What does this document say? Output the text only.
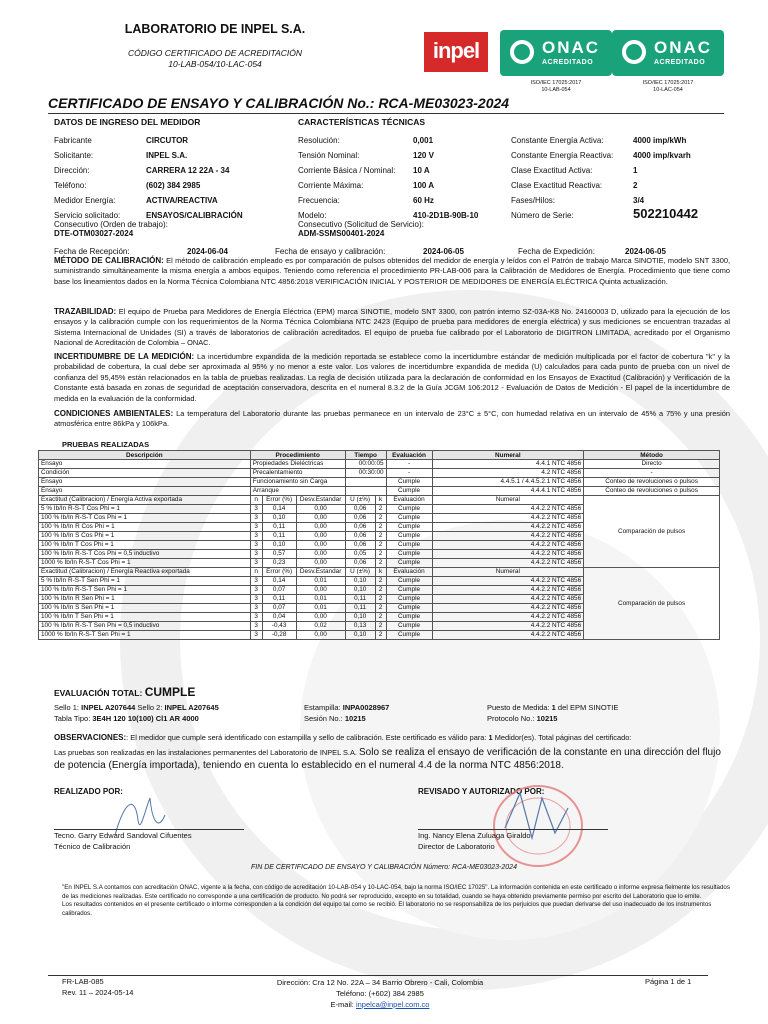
LABORATORIO DE INPEL S.A.
CÓDIGO CERTIFICADO DE ACREDITACIÓN
10-LAB-054/10-LAC-054
inpel	ONAC
ACREDITADO
ISO/IEC 17025:2017
10-LAB-054
ONAC
ACREDITADO
ISO/IEC 17025:2017
10-LAC-054
CERTIFICADO DE ENSAYO Y CALIBRACIÓN No.: RCA-ME03023-2024
DATOS DE INGRESO DEL MEDIDOR
Fabricante	CIRCUTOR
Solicitante:	INPEL S.A.
Dirección:	CARRERA 12 22A - 34
Teléfono:	(602) 384 2985
Medidor Energía:	ACTIVA/REACTIVA
Servicio solicitado:	ENSAYOS/CALIBRACIÓN
Consecutivo (Orden de trabajo):
DTE-OTM03027-2024
CARACTERÍSTICAS TÉCNICAS
Resolución:	0,001
Tensión Nominal:	120 V
Corriente Básica / Nominal: 10 A
Corriente Máxima:	100 A
Frecuencia:	60 Hz
Modelo:	410-2D1B-90B-10
Consecutivo (Solicitud de Servicio):
ADM-SSMS00401-2024
Constante Energía Activa:	4000 imp/kWh
Constante Energía Reactiva: 4000 imp/kvarh
Clase Exactitud Activa:	1
Clase Exactitud Reactiva:	2
Fases/Hilos:	3/4
Número de Serie:	502210442
Fecha de Recepción:	2024-06-04	Fecha de ensayo y calibración:	2024-06-05	Fecha de Expedición:	2024-06-05
MÉTODO DE CALIBRACIÓN: El método de calibración empleado es por comparación de pulsos obtenidos del medidor de energía y leídos con el Patrón de trabajo Marca SINOTIE, modelo SNT 3300, suministrando simultáneamente la misma energía a ambos equipos. Teniendo como referencia el procedimiento PR-LAB-006 para la Calibración de Medidores de Energía. Procedimiento que tiene como base los lineamientos dados en la Norma Técnica Colombiana NTC 4856:2018 VERIFICACIÓN INICIAL Y POSTERIOR DE MEDIDORES DE ENERGÍA ELÉCTRICA Quinta actualización.
TRAZABILIDAD: El equipo de Prueba para Medidores de Energía Eléctrica (EPM) marca SINOTIE, modelo SNT 3300, con patrón interno SZ-03A-K8 No. 24160003 D, utilizado para la ejecución de los ensayos y la calibración cumple con los requerimientos de la Norma Técnica Colombiana NTC 2423 (Equipo de prueba para medidores de energía eléctrica) y sus mediciones se encuentran trazadas al Sistema Internacional de Unidades (SI) a través de laboratorios de calibración acreditados. El equipo de prueba fue calibrado por el Laboratorio de DIGITRON LIMITADA, acreditado por el Organismo Nacional de Acreditación de Colombia – ONAC.
INCERTIDUMBRE DE LA MEDICIÓN: La incertidumbre expandida de la medición reportada se establece como la incertidumbre estándar de medición multiplicada por el factor de cobertura "k" y la probabilidad de cobertura, la cual debe ser aproximada al 95% y no menor a este valor. Los valores de incertidumbre expandida de medida (U) calculados para cada punto de prueba con un nivel de confianza del 95,45% están relacionados en la tabla de pruebas realizadas. La regla de decisión utilizada para la declaración de conformidad en los Ensayos de Exactitud (Calibración) y Verificación de la Constante está basada en zonas de seguridad de aceptación conservadora, descrita en el numeral 8.3.2 de la Guía JCGM 106:2012 - Evaluación de Datos de Medición - El papel de la incertidumbre de medida en la evaluación de la conformidad.
CONDICIONES AMBIENTALES: La temperatura del Laboratorio durante las pruebas permanece en un intervalo de 23°C ± 5°C, con humedad relativa en un intervalo de 45% a 75% y una presión atmosférica entre 86kPa y 106kPa.
PRUEBAS REALIZADAS
Descripción	Procedimiento			Tiempo		Evaluación	Numeral	Método
Ensayo	Propiedades Dieléctricas			00:00:05		-	4.4.1 NTC 4856	Directo
Condición	Precalentamiento			00:30:00		-	4.2 NTC 4856	-
Ensayo	Funcionamiento sin Carga					Cumple	4.4.5.1 / 4.4.5.2.1 NTC 4856	Conteo de revoluciones o pulsos
Ensayo	Arranque					Cumple	4.4.4.1 NTC 4856	Conteo de revoluciones o pulsos
Exactitud (Calibracion) / Energía Activa exportada	n	Error (%)	Desv.Estandar	U (±%)	k	Evaluación	Numeral	Comparación de pulsos
5 % Ib/In R-S-T Cos Phi = 1	3	0,14	0,00	0,06	2	Cumple	4.4.2.2 NTC 4856	
100 % Ib/In R-S-T Cos Phi = 1	3	0,10	0,00	0,06	2	Cumple	4.4.2.2 NTC 4856	
100 % Ib/In R Cos Phi = 1	3	0,11	0,00	0,06	2	Cumple	4.4.2.2 NTC 4856	
100 % Ib/In S Cos Phi = 1	3	0,11	0,00	0,06	2	Cumple	4.4.2.2 NTC 4856	
100 % Ib/In T Cos Phi = 1	3	0,10	0,00	0,06	2	Cumple	4.4.2.2 NTC 4856	
100 % Ib/In R-S-T Cos Phi = 0,5 inductivo	3	0,57	0,00	0,05	2	Cumple	4.4.2.2 NTC 4856	
1000 % Ib/In R-S-T Cos Phi = 1	3	0,23	0,00	0,06	2	Cumple	4.4.2.2 NTC 4856	
Exactitud (Calibracion) / Energía Reactiva exportada	n	Error (%)	Desv.Estandar	U (±%)	k	Evaluación	Numeral	Comparación de pulsos
5 % Ib/In R-S-T Sen Phi = 1	3	0,14	0,01	0,10	2	Cumple	4.4.2.2 NTC 4856	
100 % Ib/In R-S-T Sen Phi = 1	3	0,07	0,00	0,10	2	Cumple	4.4.2.2 NTC 4856	
100 % Ib/In R Sen Phi = 1	3	0,11	0,01	0,11	2	Cumple	4.4.2.2 NTC 4856	
100 % Ib/In S Sen Phi = 1	3	0,07	0,01	0,11	2	Cumple	4.4.2.2 NTC 4856	
100 % Ib/In T Sen Phi = 1	3	0,04	0,00	0,10	2	Cumple	4.4.2.2 NTC 4856	
100 % Ib/In R-S-T Sen Phi = 0,5 inductivo	3	-0,43	0,02	0,13	2	Cumple	4.4.2.2 NTC 4856	
1000 % Ib/In R-S-T Sen Phi = 1	3	-0,28	0,00	0,10	2	Cumple	4.4.2.2 NTC 4856	
EVALUACIÓN TOTAL: CUMPLE
Sello 1: INPEL A207644 Sello 2: INPEL A207645
Tabla Tipo: 3E4H 120 10(100) Cl1 AR 4000
Estampilla: INPA0028967
Sesión No.: 10215
Puesto de Medida: 1 del EPM SINOTIE
Protocolo No.: 10215
OBSERVACIONES:: El medidor que cumple será identificado con estampilla y sello de calibración. Este certificado es válido para: 1 Medidor(es). Total páginas del certificado:
Las pruebas son realizadas en las instalaciones permanentes del Laboratorio de INPEL S.A. Solo se realiza el ensayo de verificación de la constante en una dirección del flujo de potencia (Energía importada), teniendo en cuenta lo establecido en el numeral 4.4 de la norma NTC 4856:2018.
REALIZADO POR:
Tecno. Garry Edward Sandoval Cifuentes
Técnico de Calibración
REVISADO Y AUTORIZADO POR:
Ing. Nancy Elena Zuluaga Giraldo
Director de Laboratorio
FIN DE CERTIFICADO DE ENSAYO Y CALIBRACIÓN Número: RCA-ME03023-2024
"En INPEL S.A contamos con acreditación ONAC, vigente a la fecha, con código de acreditación 10-LAB-054 y 10-LAC-054, bajo la norma ISO/IEC 17025". La información contenida en este certificado o informe expresa fielmente los resultados de las mediciones realizadas. Este certificado no corresponde a una certificación de producto. No podrá ser reproducido, excepto en su totalidad, cuando se haya obtenido previamente permiso por escrito del Laboratorio que lo emite.
Los resultados contenidos en el presente certificado o informe corresponden a la condición del equipo tal como se recibió. El laboratorio no se responsabiliza de los perjuicios que puedan derivarse del uso inadecuado de los instrumentos calibrados.
FR-LAB-085
Rev. 11 – 2024-05-14
Dirección: Cra 12 No. 22A – 34 Barrio Obrero - Cali, Colombia
Teléfono: (+602) 384 2985
E-mail: inpelca@inpel.com.co
Página 1 de 1
